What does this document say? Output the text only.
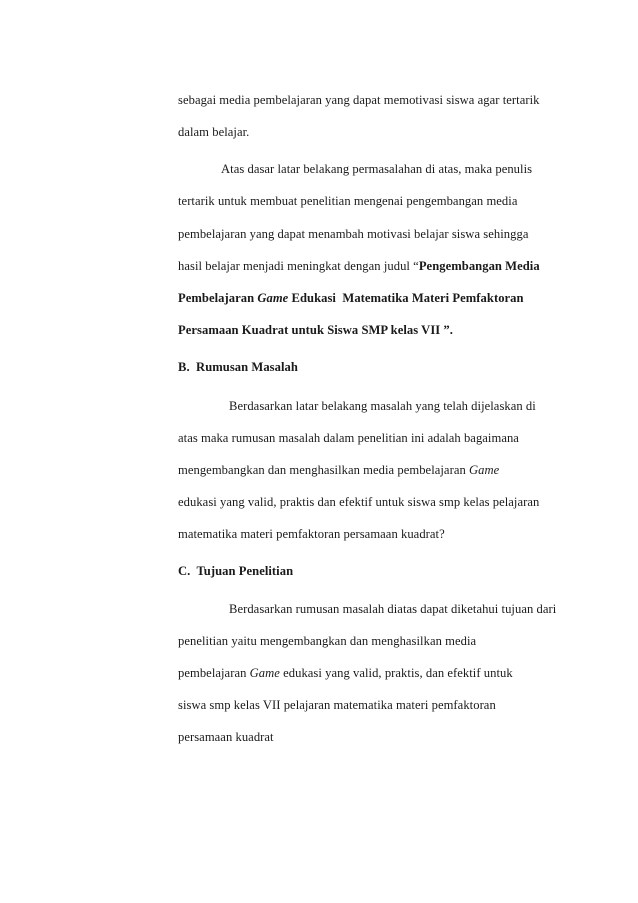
sebagai media pembelajaran yang dapat memotivasi siswa agar tertarik
dalam belajar.
Atas dasar latar belakang permasalahan di atas, maka penulis
tertarik untuk membuat penelitian mengenai pengembangan media
pembelajaran yang dapat menambah motivasi belajar siswa sehingga
hasil belajar menjadi meningkat dengan judul “Pengembangan Media
Pembelajaran Game Edukasi  Matematika Materi Pemfaktoran
Persamaan Kuadrat untuk Siswa SMP kelas VII ”.
B.  Rumusan Masalah
Berdasarkan latar belakang masalah yang telah dijelaskan di
atas maka rumusan masalah dalam penelitian ini adalah bagaimana
mengembangkan dan menghasilkan media pembelajaran Game
edukasi yang valid, praktis dan efektif untuk siswa smp kelas pelajaran
matematika materi pemfaktoran persamaan kuadrat?
C.  Tujuan Penelitian
Berdasarkan rumusan masalah diatas dapat diketahui tujuan dari
penelitian yaitu mengembangkan dan menghasilkan media
pembelajaran Game edukasi yang valid, praktis, dan efektif untuk
siswa smp kelas VII pelajaran matematika materi pemfaktoran
persamaan kuadrat
